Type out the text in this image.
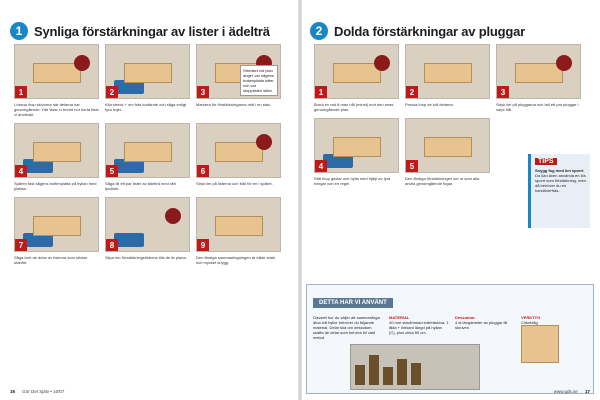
1 Synliga förstärkningar av lister i ädelträ
1
Lossna ihop skivorna när delarna har genomgående. Här visar vi bredd hur korta bitar vi använde.
2
Kila streck + om fräs kortände och såga enligt fyra linjer.
3
Stredset vid plan anger var sågens bottenplatta sitter och var stopplisten sitter.
Markera för förstärkningarna mitt i en stav.
4
Spåren fast sågens bottenplatta på hyllan med plattan.
5
Såga till ett par lister av ädelträ med rätt tjocklek.
6
Stryk lim på listerna och fräll för en i spåret.
7
Såga bort de delar av listerna som sticker utanför.
8
Slipa ner förstärkningslisterna tills de är plana.
9
Den färdiga sammanfogningen är både stark och mycket snygg.
16 Gör Det Själv • 10/07
2 Dolda förstärkningar av pluggar
1
Borra ev rad å man hål (minst) mot den enas genomgående plan.
2
Pressa ihop de två delarna.
3
Stryk lim på pluggarna och fall ett par pluggar i varje hål.
4
Sätt ihop gavlar och hylla med hjälp av fyra tvingar och en regel.
5
Den färdiga förstärkningen ser ut som alla andra genomgående fogar.
TIPS
Snygg fog med lim sporrt
Du kan även använda en lös sporrt som förstärkning, men då behöver du en handöverfräs.
DETTA HAR VI ANVÄNT
Oavsett hur du väljer att sammanfoga dina två hyllor behöver du följande material. Delar ska om dessutom skaffa de delar som behövs till vald metod.
MATERIAL
40 mm stavlimmad tvärträskiva. 1 låda + limkant längd på hyllan (C), plus cirka 55 cm
Dessutom:
4 st längdmeter av pluggar till skruven
VERKTYG
Cirkelsåg
www.gds.se 17
